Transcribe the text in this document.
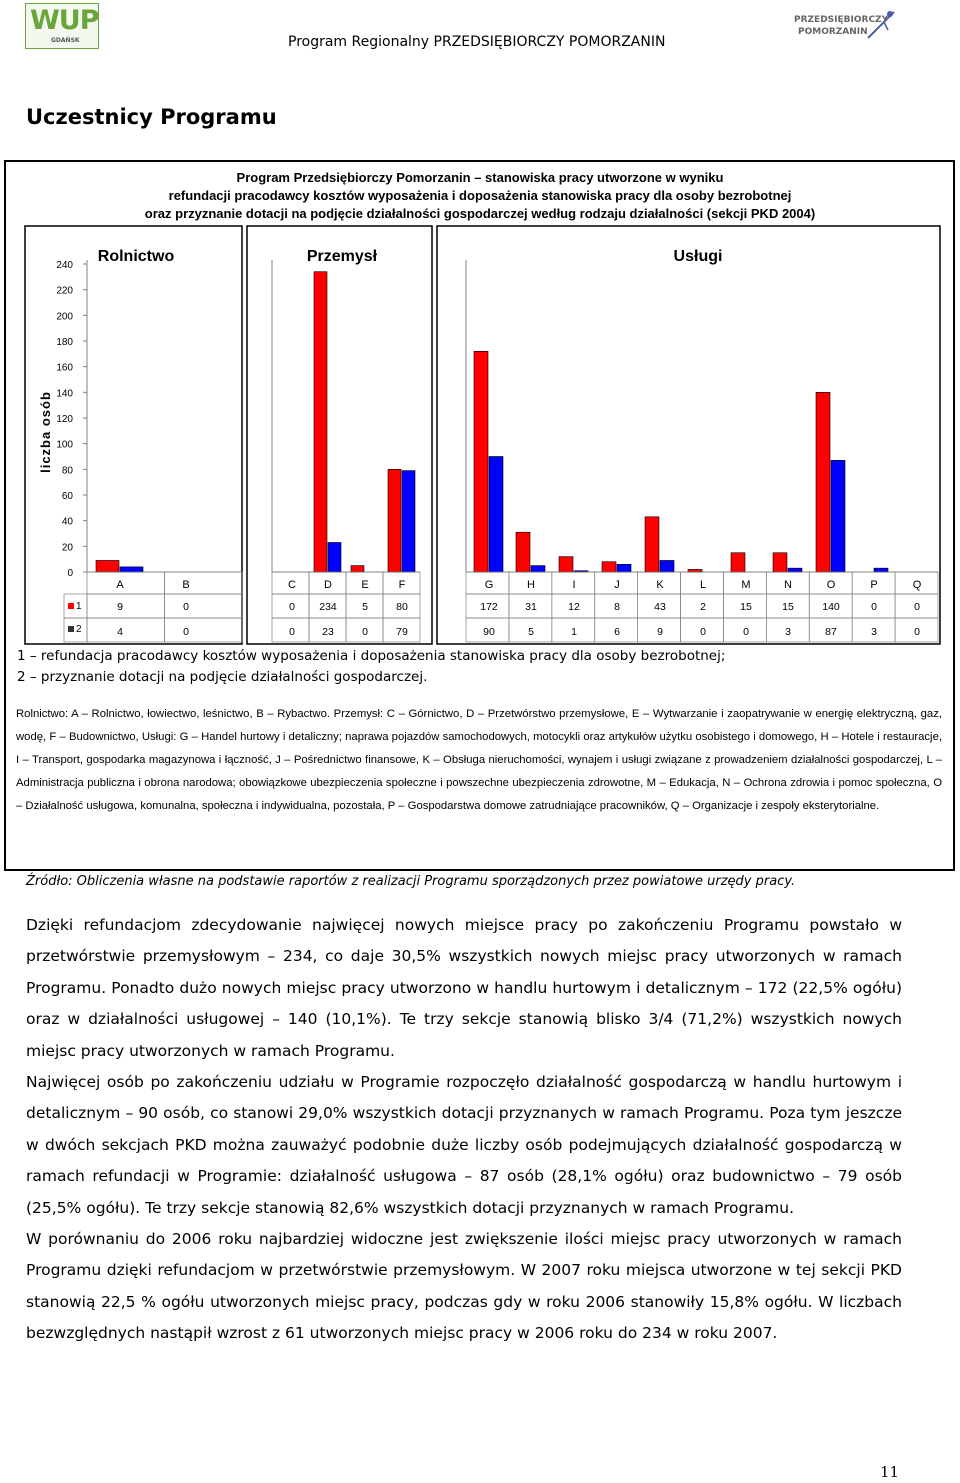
WUP
GDAŃSK	Program Regionalny PRZEDSIĘBIORCZY POMORZANIN
PRZEDSIĘBIORCZY
POMORZANIN
Uczestnicy Programu
Program Przedsiębiorczy Pomorzanin – stanowiska pracy utworzone w wyniku
refundacji pracodawcy kosztów wyposażenia i doposażenia stanowiska pracy dla osoby bezrobotnej
oraz przyznanie dotacji na podjęcie działalności gospodarczej według rodzaju działalności (sekcji PKD 2004)
240
220
200
180
160
140
120
100
80
60
40
20
0
liczba osób
Rolnictwo
A
9
4
B
0
0
1
2
Przemysł
C
0
0
D
234
23
E
5
0
F
80
79
Usługi
G
172
90
H
31
5
I
12
1
J
8
6
K
43
9
L
2
0
M
15
0
N
15
3
O
140
87
P
0
3
Q
0
0
1 – refundacja pracodawcy kosztów wyposażenia i doposażenia stanowiska pracy dla osoby bezrobotnej;
2 – przyznanie dotacji na podjęcie działalności gospodarczej.
Rolnictwo: A – Rolnictwo, łowiectwo, leśnictwo, B – Rybactwo. Przemysł: C – Górnictwo, D – Przetwórstwo przemysłowe, E – Wytwarzanie i zaopatrywanie w energię elektryczną, gaz, wodę, F – Budownictwo, Usługi: G – Handel hurtowy i detaliczny; naprawa pojazdów samochodowych, motocykli oraz artykułów użytku osobistego i domowego, H – Hotele i restauracje, I – Transport, gospodarka magazynowa i łączność, J – Pośrednictwo finansowe, K – Obsługa nieruchomości, wynajem i usługi związane z prowadzeniem działalności gospodarczej, L – Administracja publiczna i obrona narodowa; obowiązkowe ubezpieczenia społeczne i powszechne ubezpieczenia zdrowotne, M – Edukacja, N – Ochrona zdrowia i pomoc społeczna, O – Działalność usługowa, komunalna, społeczna i indywidualna, pozostała, P – Gospodarstwa domowe zatrudniające pracowników, Q – Organizacje i zespoły eksterytorialne.
Źródło: Obliczenia własne na podstawie raportów z realizacji Programu sporządzonych przez powiatowe urzędy pracy.

Dzięki refundacjom zdecydowanie najwięcej nowych miejsce pracy po zakończeniu Programu powstało w przetwórstwie przemysłowym – 234, co daje 30,5% wszystkich nowych miejsc pracy utworzonych w ramach Programu. Ponadto dużo nowych miejsc pracy utworzono w handlu hurtowym i detalicznym – 172 (22,5% ogółu) oraz w działalności usługowej – 140 (10,1%). Te trzy sekcje stanowią blisko 3/4 (71,2%) wszystkich nowych miejsc pracy utworzonych w ramach Programu.

Najwięcej osób po zakończeniu udziału w Programie rozpoczęło działalność gospodarczą w handlu hurtowym i detalicznym – 90 osób, co stanowi 29,0% wszystkich dotacji przyznanych w ramach Programu. Poza tym jeszcze w dwóch sekcjach PKD można zauważyć podobnie duże liczby osób podejmujących działalność gospodarczą w ramach refundacji w Programie: działalność usługowa – 87 osób (28,1% ogółu) oraz budownictwo – 79 osób (25,5% ogółu). Te trzy sekcje stanowią 82,6% wszystkich dotacji przyznanych w ramach Programu.

W porównaniu do 2006 roku najbardziej widoczne jest zwiększenie ilości miejsc pracy utworzonych w ramach Programu dzięki refundacjom w przetwórstwie przemysłowym. W 2007 roku miejsca utworzone w tej sekcji PKD stanowią 22,5 % ogółu utworzonych miejsc pracy, podczas gdy w roku 2006 stanowiły 15,8% ogółu. W liczbach bezwzględnych nastąpił wzrost z 61 utworzonych miejsc pracy w 2006 roku do 234 w roku 2007.

11
